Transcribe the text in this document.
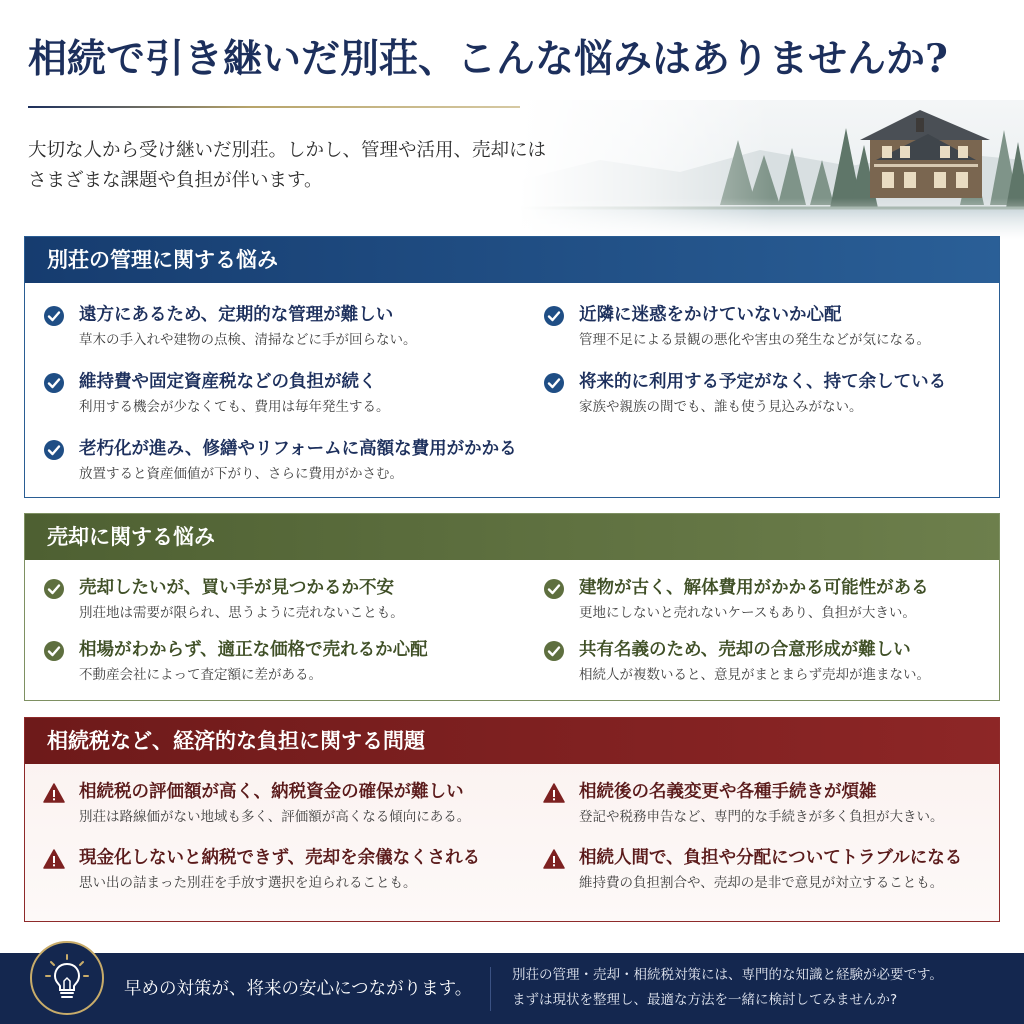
相続で引き継いだ別荘、こんな悩みはありませんか?

大切な人から受け継いだ別荘。しかし、管理や活用、売却には
さまざまな課題や負担が伴います。

別荘の管理に関する悩み
遠方にあるため、定期的な管理が難しい
草木の手入れや建物の点検、清掃などに手が回らない。
維持費や固定資産税などの負担が続く
利用する機会が少なくても、費用は毎年発生する。
老朽化が進み、修繕やリフォームに高額な費用がかかる
放置すると資産価値が下がり、さらに費用がかさむ。
近隣に迷惑をかけていないか心配
管理不足による景観の悪化や害虫の発生などが気になる。
将来的に利用する予定がなく、持て余している
家族や親族の間でも、誰も使う見込みがない。
売却に関する悩み
売却したいが、買い手が見つかるか不安
別荘地は需要が限られ、思うように売れないことも。
相場がわからず、適正な価格で売れるか心配
不動産会社によって査定額に差がある。
建物が古く、解体費用がかかる可能性がある
更地にしないと売れないケースもあり、負担が大きい。
共有名義のため、売却の合意形成が難しい
相続人が複数いると、意見がまとまらず売却が進まない。
相続税など、経済的な負担に関する問題
相続税の評価額が高く、納税資金の確保が難しい
別荘は路線価がない地域も多く、評価額が高くなる傾向にある。
現金化しないと納税できず、売却を余儀なくされる
思い出の詰まった別荘を手放す選択を迫られることも。
相続後の名義変更や各種手続きが煩雑
登記や税務申告など、専門的な手続きが多く負担が大きい。
相続人間で、負担や分配についてトラブルになる
維持費の負担割合や、売却の是非で意見が対立することも。
早めの対策が、将来の安心につながります。
別荘の管理・売却・相続税対策には、専門的な知識と経験が必要です。
まずは現状を整理し、最適な方法を一緒に検討してみませんか?
